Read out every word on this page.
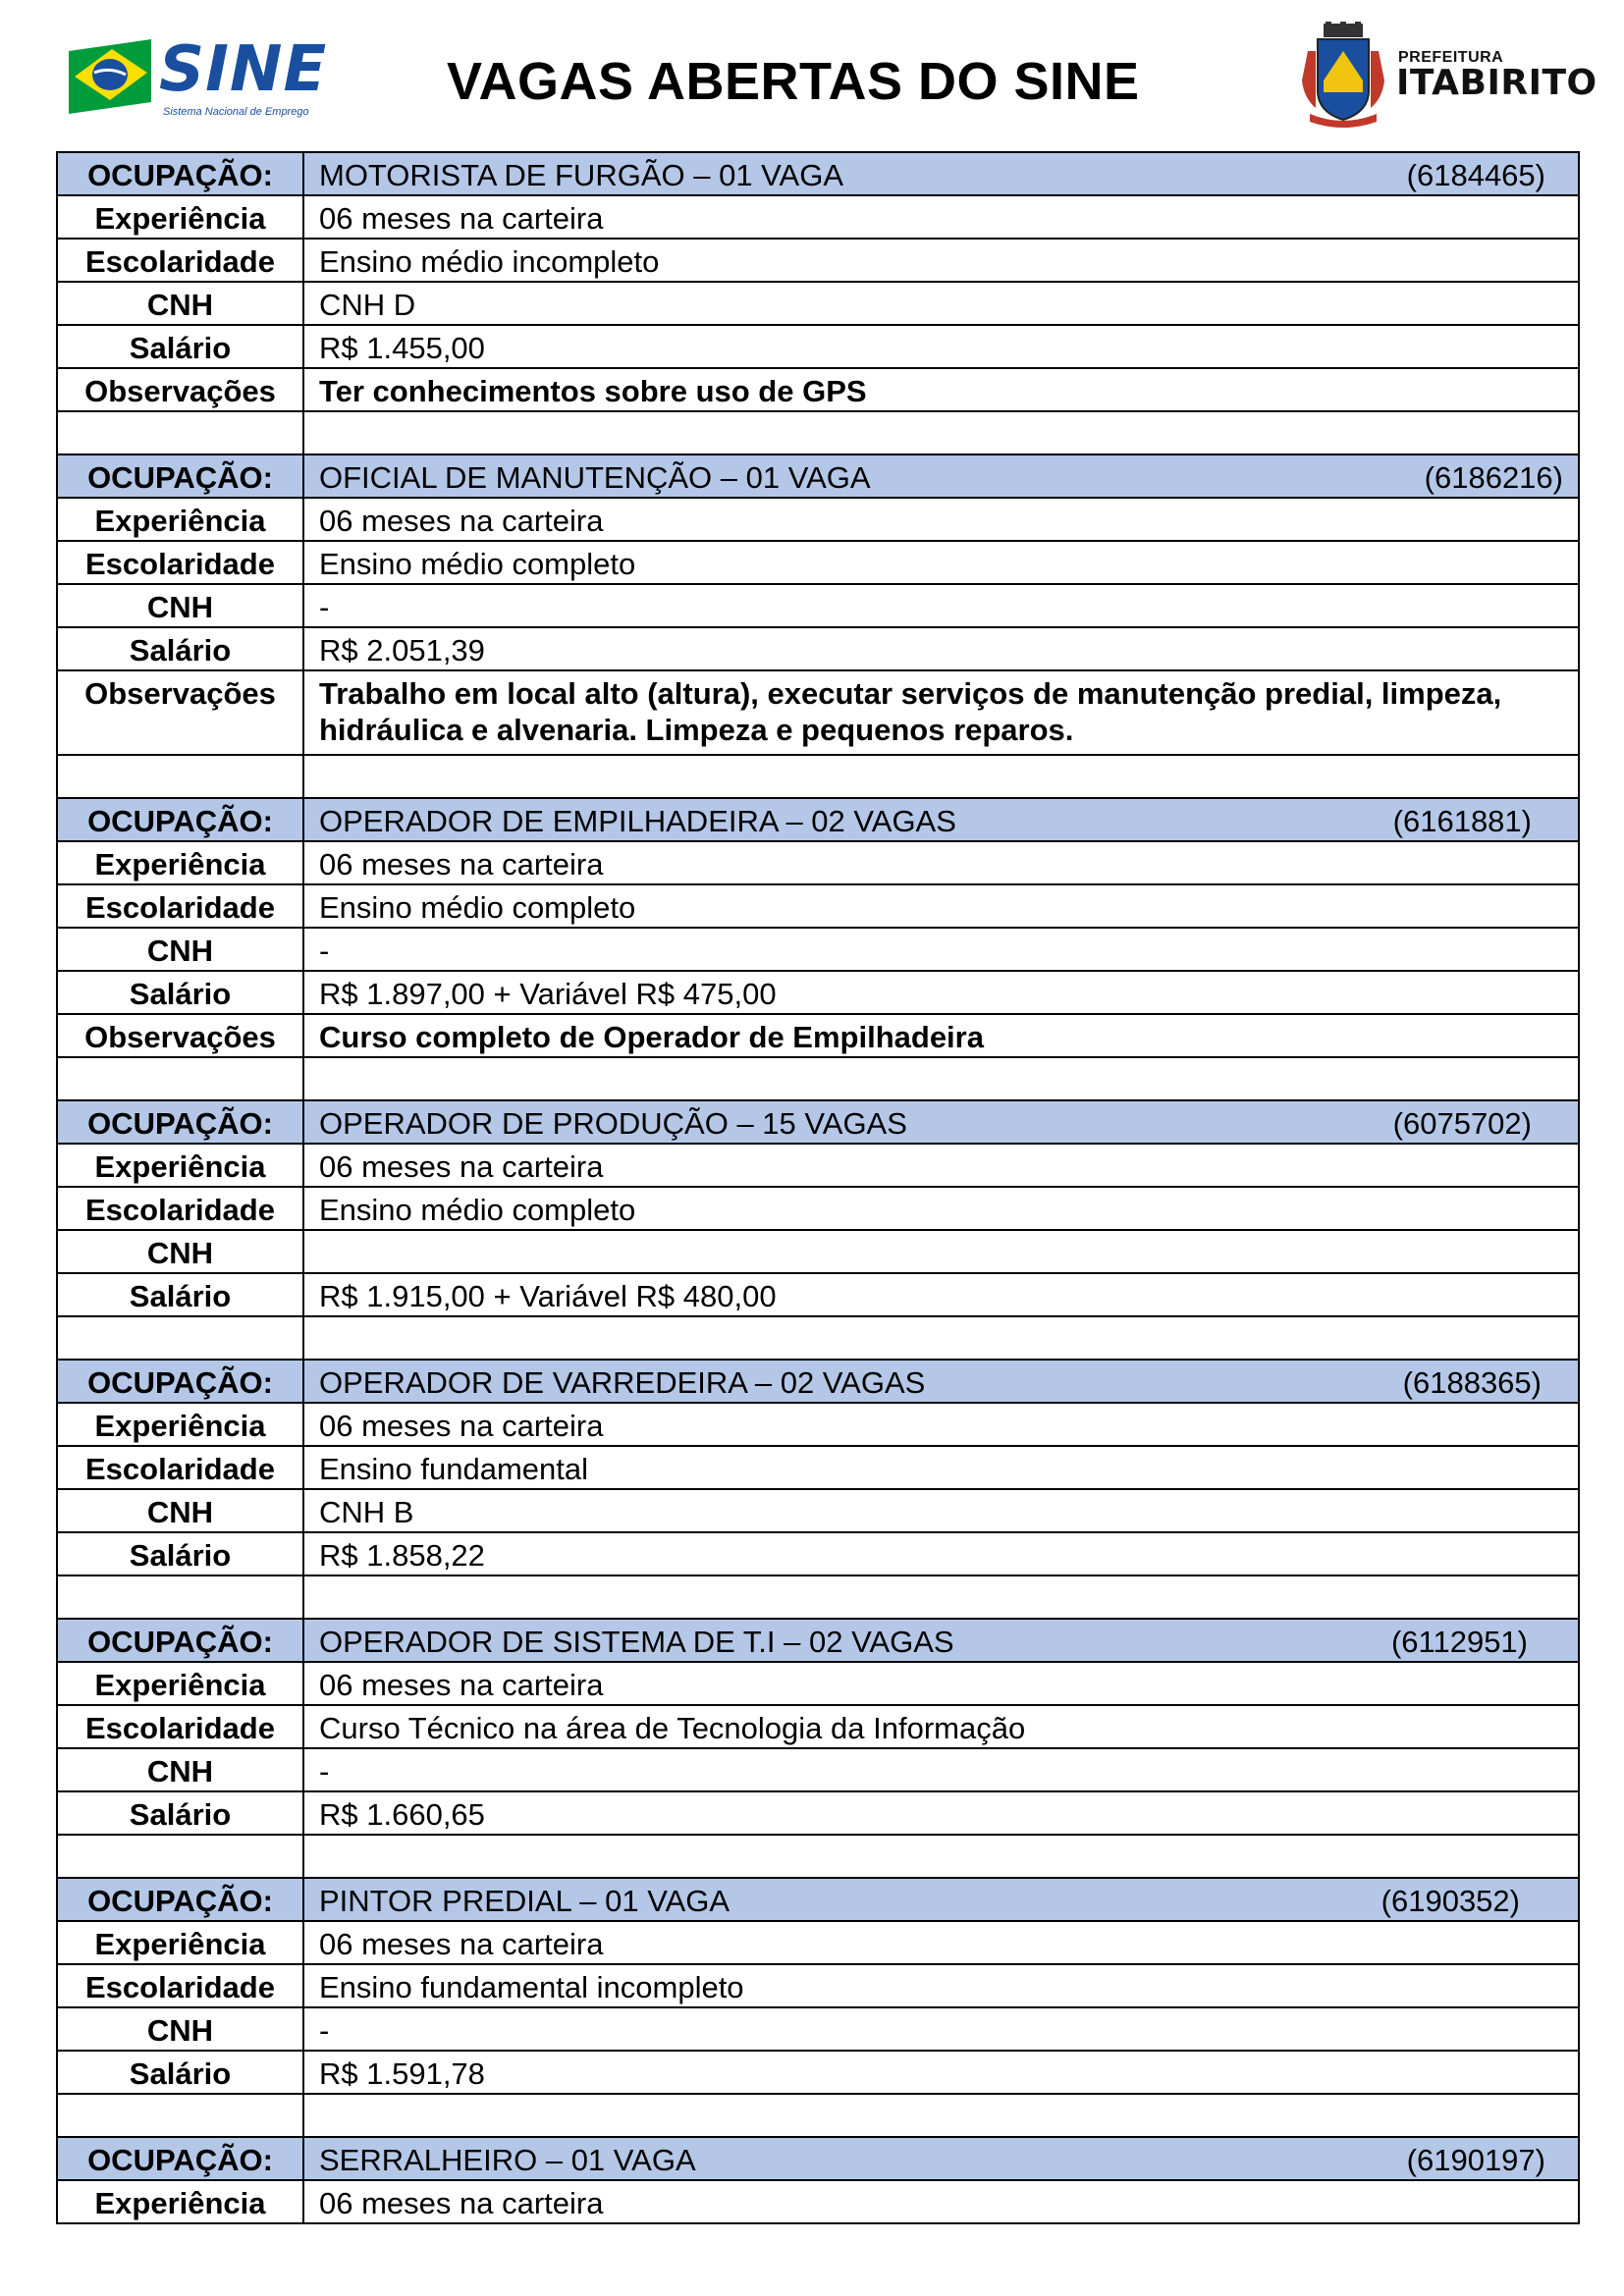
SINE
Sistema Nacional de Emprego
VAGAS ABERTAS DO SINE	PREFEITURA
ITABIRITO
OCUPAÇÃO:	MOTORISTA DE FURGÃO – 01 VAGA (6184465)

Experiência	06 meses na carteira
Escolaridade	Ensino médio incompleto
CNH	CNH D
Salário	R$ 1.455,00
Observações	Ter conhecimentos sobre uso de GPS

OCUPAÇÃO:	OFICIAL DE MANUTENÇÃO – 01 VAGA (6186216)

Experiência	06 meses na carteira
Escolaridade	Ensino médio completo
CNH	-
Salário	R$ 2.051,39
Observações	Trabalho em local alto (altura), executar serviços de manutenção predial, limpeza, hidráulica e alvenaria. Limpeza e pequenos reparos.

OCUPAÇÃO:	OPERADOR DE EMPILHADEIRA – 02 VAGAS (6161881)

Experiência	06 meses na carteira
Escolaridade	Ensino médio completo
CNH	-
Salário	R$ 1.897,00 + Variável R$ 475,00
Observações	Curso completo de Operador de Empilhadeira

OCUPAÇÃO:	OPERADOR DE PRODUÇÃO – 15 VAGAS (6075702)

Experiência	06 meses na carteira
Escolaridade	Ensino médio completo
CNH	
Salário	R$ 1.915,00 + Variável R$ 480,00

OCUPAÇÃO:	OPERADOR DE VARREDEIRA – 02 VAGAS (6188365)

Experiência	06 meses na carteira
Escolaridade	Ensino fundamental
CNH	CNH B
Salário	R$ 1.858,22

OCUPAÇÃO:	OPERADOR DE SISTEMA DE T.I – 02 VAGAS (6112951)

Experiência	06 meses na carteira
Escolaridade	Curso Técnico na área de Tecnologia da Informação
CNH	-
Salário	R$ 1.660,65

OCUPAÇÃO:	PINTOR PREDIAL – 01 VAGA (6190352)

Experiência	06 meses na carteira
Escolaridade	Ensino fundamental incompleto
CNH	-
Salário	R$ 1.591,78

OCUPAÇÃO:	SERRALHEIRO – 01 VAGA (6190197)

Experiência	06 meses na carteira
